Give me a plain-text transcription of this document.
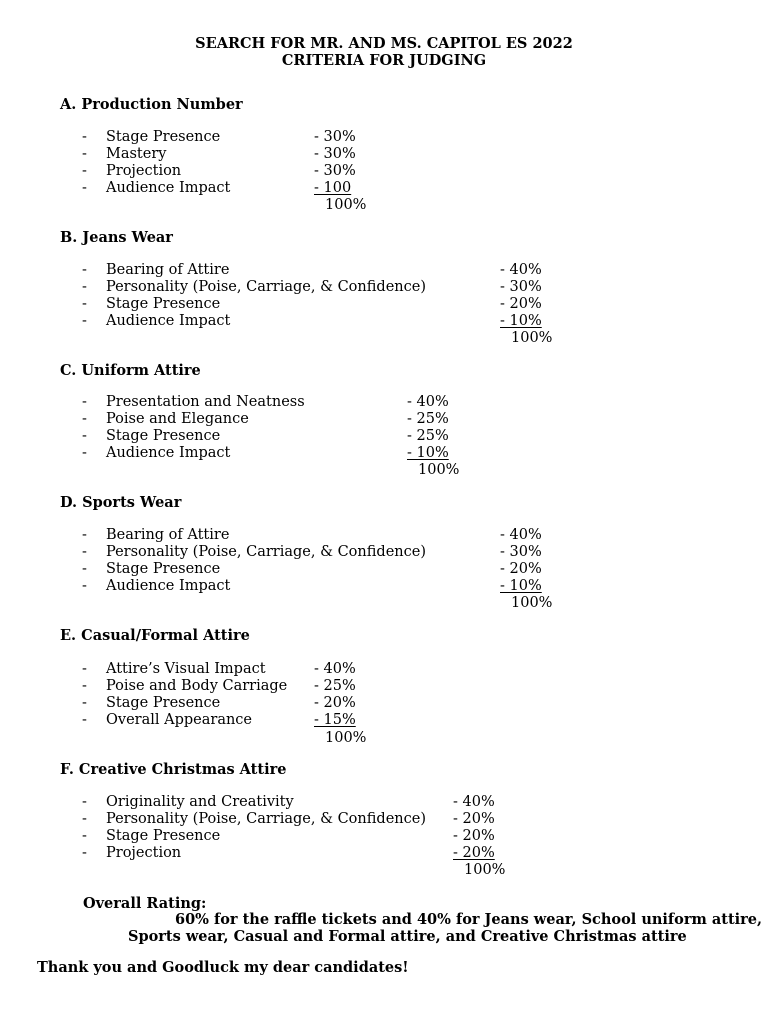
SEARCH FOR MR. AND MS. CAPITOL ES 2022
CRITERIA FOR JUDGING
A. Production Number
- Stage Presence	- 30%
- Mastery	- 30%
- Projection	- 30%
- Audience Impact	- 100
100%
B. Jeans Wear
- Bearing of Attire	- 40%
- Personality (Poise, Carriage, & Confidence)	- 30%
- Stage Presence	- 20%
- Audience Impact	- 10%
100%
C. Uniform Attire
- Presentation and Neatness	- 40%
- Poise and Elegance	- 25%
- Stage Presence	- 25%
- Audience Impact	- 10%
100%
D. Sports Wear
- Bearing of Attire	- 40%
- Personality (Poise, Carriage, & Confidence)	- 30%
- Stage Presence	- 20%
- Audience Impact	- 10%
100%
E. Casual/Formal Attire
- Attire’s Visual Impact	- 40%
- Poise and Body Carriage - 25%
- Stage Presence	- 20%
- Overall Appearance	- 15%
100%
F. Creative Christmas Attire
- Originality and Creativity	- 40%
- Personality (Poise, Carriage, & Confidence) - 20%
- Stage Presence	- 20%
- Projection	- 20%
100%
Overall Rating:
60% for the raffle tickets and 40% for Jeans wear, School uniform attire,
Sports wear, Casual and Formal attire, and Creative Christmas attire
Thank you and Goodluck my dear candidates!
